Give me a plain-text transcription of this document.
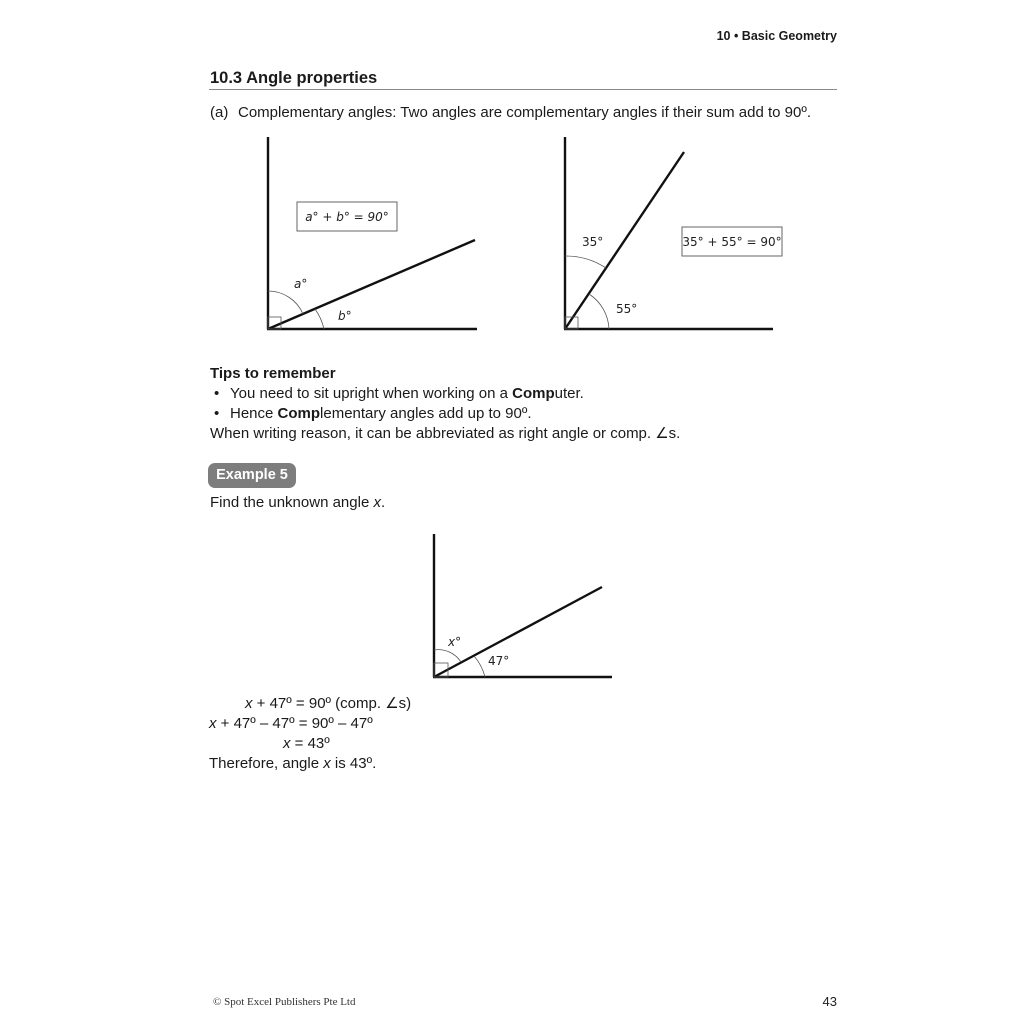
10 • Basic Geometry
10.3 Angle properties
(a) Complementary angles: Two angles are complementary angles if their sum add to 90º.
a° + b° = 90°
a°
b°
35° + 55° = 90°
35°
55°
x°
47°
Tips to remember
• You need to sit upright when working on a Computer.
• Hence Complementary angles add up to 90º.
When writing reason, it can be abbreviated as right angle or comp. ∠s.
Example 5
Find the unknown angle x.
x + 47º = 90º (comp. ∠s)
x + 47º – 47º = 90º – 47º
x = 43º
Therefore, angle x is 43º.
© Spot Excel Publishers Pte Ltd	43
